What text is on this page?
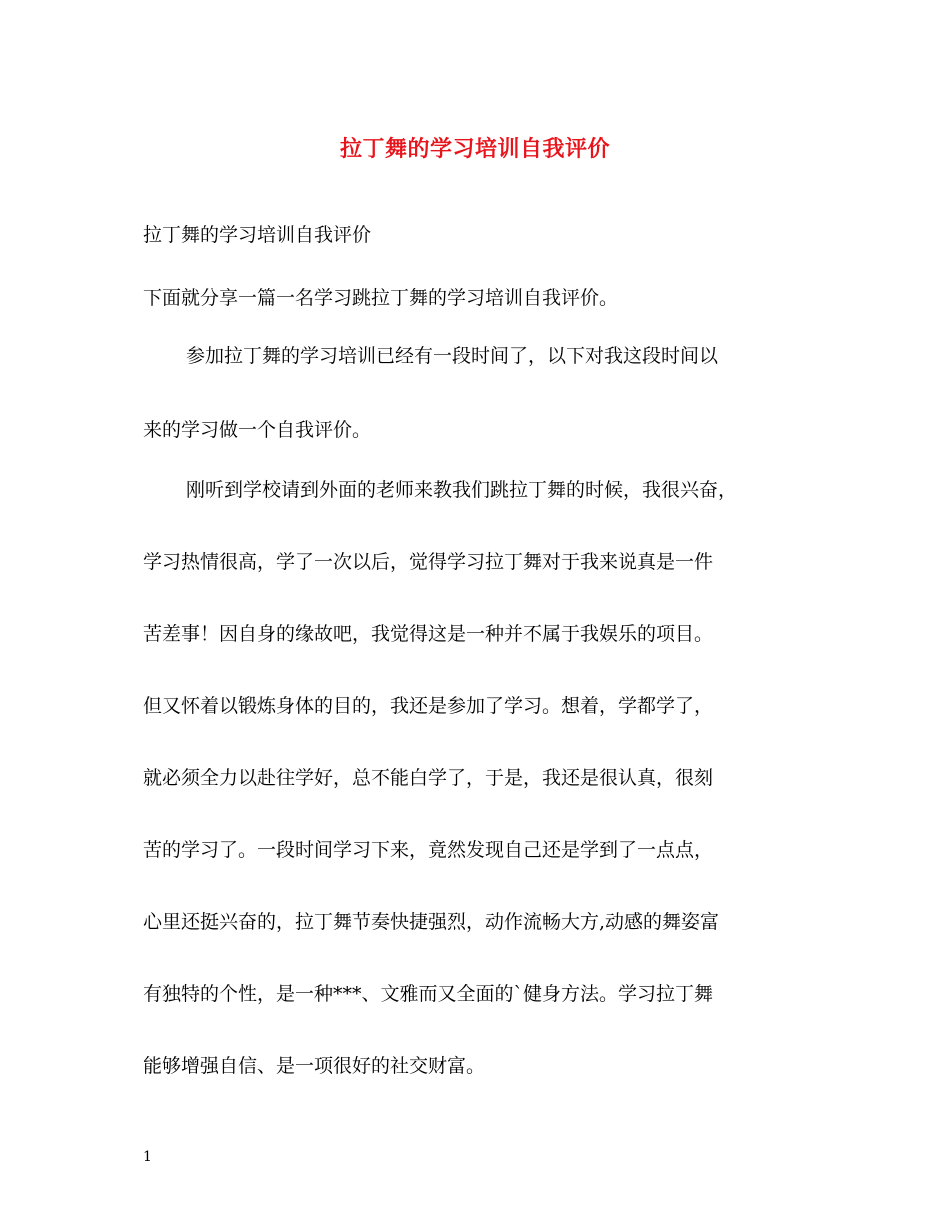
拉丁舞的学习培训自我评价

拉丁舞的学习培训自我评价

下面就分享一篇一名学习跳拉丁舞的学习培训自我评价。

参加拉丁舞的学习培训已经有一段时间了，以下对我这段时间以

来的学习做一个自我评价。

刚听到学校请到外面的老师来教我们跳拉丁舞的时候，我很兴奋，

学习热情很高，学了一次以后，觉得学习拉丁舞对于我来说真是一件

苦差事！因自身的缘故吧，我觉得这是一种并不属于我娱乐的项目。

但又怀着以锻炼身体的目的，我还是参加了学习。想着，学都学了，

就必须全力以赴往学好，总不能白学了，于是，我还是很认真，很刻

苦的学习了。一段时间学习下来，竟然发现自己还是学到了一点点，

心里还挺兴奋的，拉丁舞节奏快捷强烈，动作流畅大方,动感的舞姿富

有独特的个性，是一种***、文雅而又全面的`健身方法。学习拉丁舞

能够增强自信、是一项很好的社交财富。

1
